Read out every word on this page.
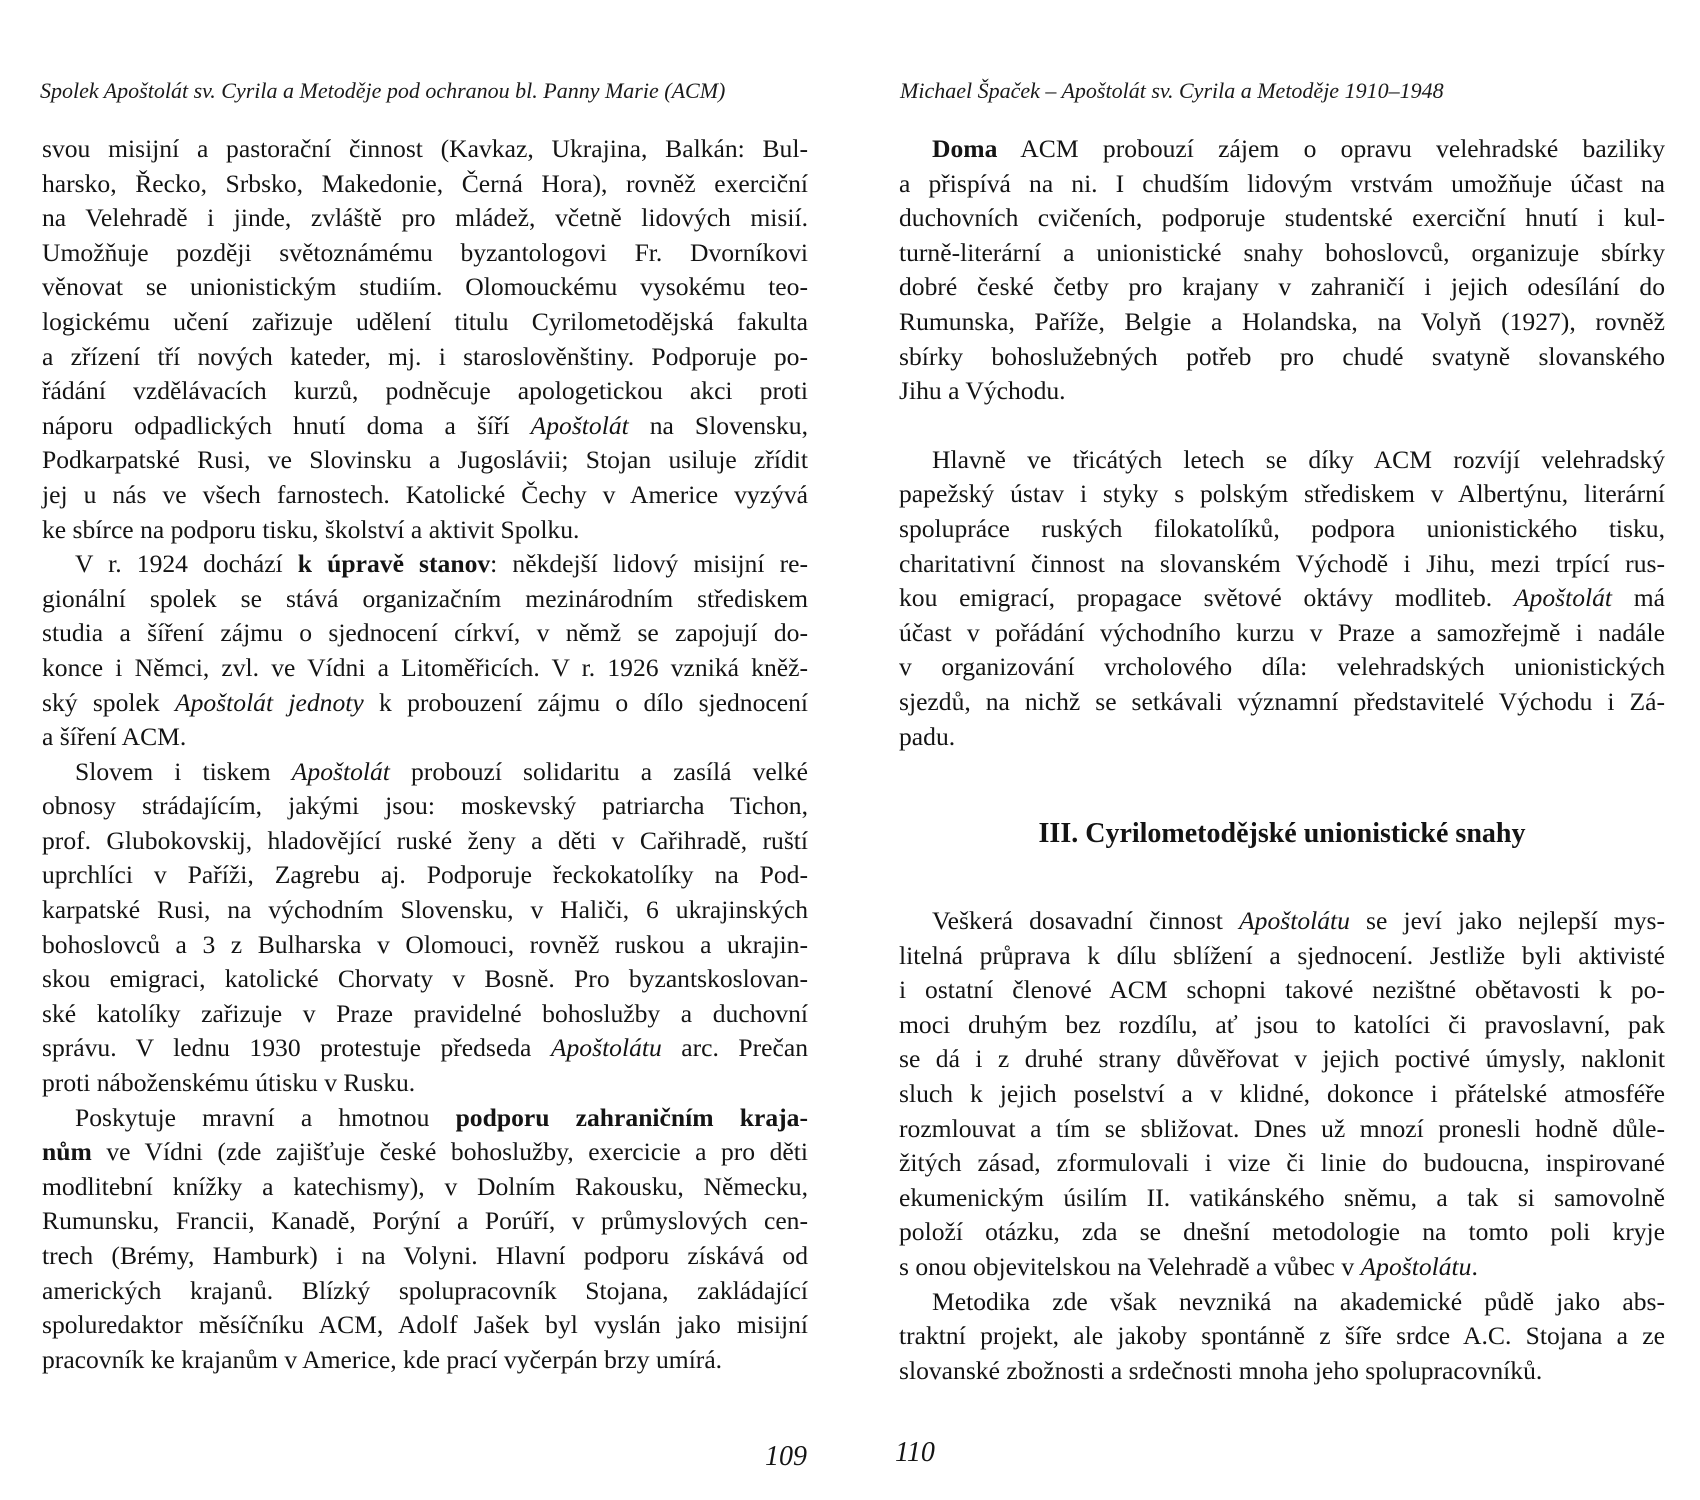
Spolek Apoštolát sv. Cyrila a Metoděje pod ochranou bl. Panny Marie (ACM)

svou misijní a pastorační činnost (Kavkaz, Ukrajina, Balkán: Bul-
harsko, Řecko, Srbsko, Makedonie, Černá Hora), rovněž exerciční
na Velehradě i jinde, zvláště pro mládež, včetně lidových misií.
Umožňuje později světoznámému byzantologovi Fr. Dvorníkovi
věnovat se unionistickým studiím. Olomouckému vysokému teo-
logickému učení zařizuje udělení titulu Cyrilometodějská fakulta
a zřízení tří nových kateder, mj. i staroslověnštiny. Podporuje po-
řádání vzdělávacích kurzů, podněcuje apologetickou akci proti
náporu odpadlických hnutí doma a šíří Apoštolát na Slovensku,
Podkarpatské Rusi, ve Slovinsku a Jugoslávii; Stojan usiluje zřídit
jej u nás ve všech farnostech. Katolické Čechy v Americe vyzývá
ke sbírce na podporu tisku, školství a aktivit Spolku.

V r. 1924 dochází k úpravě stanov: někdejší lidový misijní re-
gionální spolek se stává organizačním mezinárodním střediskem
studia a šíření zájmu o sjednocení církví, v němž se zapojují do-
konce i Němci, zvl. ve Vídni a Litoměřicích. V r. 1926 vzniká kněž-
ský spolek Apoštolát jednoty k probouzení zájmu o dílo sjednocení
a šíření ACM.

Slovem i tiskem Apoštolát probouzí solidaritu a zasílá velké
obnosy strádajícím, jakými jsou: moskevský patriarcha Tichon,
prof. Glubokovskij, hladovějící ruské ženy a děti v Cařihradě, ruští
uprchlíci v Paříži, Zagrebu aj. Podporuje řeckokatolíky na Pod-
karpatské Rusi, na východním Slovensku, v Haliči, 6 ukrajinských
bohoslovců a 3 z Bulharska v Olomouci, rovněž ruskou a ukrajin-
skou emigraci, katolické Chorvaty v Bosně. Pro byzantskoslovan-
ské katolíky zařizuje v Praze pravidelné bohoslužby a duchovní
správu. V lednu 1930 protestuje předseda Apoštolátu arc. Prečan
proti náboženskému útisku v Rusku.

Poskytuje mravní a hmotnou podporu zahraničním kraja-
nům ve Vídni (zde zajišťuje české bohoslužby, exercicie a pro děti
modlitební knížky a katechismy), v Dolním Rakousku, Německu,
Rumunsku, Francii, Kanadě, Porýní a Porúří, v průmyslových cen-
trech (Brémy, Hamburk) i na Volyni. Hlavní podporu získává od
amerických krajanů. Blízký spolupracovník Stojana, zakládající
spoluredaktor měsíčníku ACM, Adolf Jašek byl vyslán jako misijní
pracovník ke krajanům v Americe, kde prací vyčerpán brzy umírá.

109
Michael Špaček – Apoštolát sv. Cyrila a Metoděje 1910–1948

Doma ACM probouzí zájem o opravu velehradské baziliky
a přispívá na ni. I chudším lidovým vrstvám umožňuje účast na
duchovních cvičeních, podporuje studentské exerciční hnutí i kul-
turně-literární a unionistické snahy bohoslovců, organizuje sbírky
dobré české četby pro krajany v zahraničí i jejich odesílání do
Rumunska, Paříže, Belgie a Holandska, na Volyň (1927), rovněž
sbírky bohoslužebných potřeb pro chudé svatyně slovanského
Jihu a Východu.

Hlavně ve třicátých letech se díky ACM rozvíjí velehradský
papežský ústav i styky s polským střediskem v Albertýnu, literární
spolupráce ruských filokatolíků, podpora unionistického tisku,
charitativní činnost na slovanském Východě i Jihu, mezi trpící rus-
kou emigrací, propagace světové oktávy modliteb. Apoštolát má
účast v pořádání východního kurzu v Praze a samozřejmě i nadále
v organizování vrcholového díla: velehradských unionistických
sjezdů, na nichž se setkávali významní představitelé Východu i Zá-
padu.

III. Cyrilometodějské unionistické snahy

Veškerá dosavadní činnost Apoštolátu se jeví jako nejlepší mys-
litelná průprava k dílu sblížení a sjednocení. Jestliže byli aktivisté
i ostatní členové ACM schopni takové nezištné obětavosti k po-
moci druhým bez rozdílu, ať jsou to katolíci či pravoslavní, pak
se dá i z druhé strany důvěřovat v jejich poctivé úmysly, naklonit
sluch k jejich poselství a v klidné, dokonce i přátelské atmosféře
rozmlouvat a tím se sbližovat. Dnes už mnozí pronesli hodně důle-
žitých zásad, zformulovali i vize či linie do budoucna, inspirované
ekumenickým úsilím II. vatikánského sněmu, a tak si samovolně
položí otázku, zda se dnešní metodologie na tomto poli kryje
s onou objevitelskou na Velehradě a vůbec v Apoštolátu.

Metodika zde však nevzniká na akademické půdě jako abs-
traktní projekt, ale jakoby spontánně z šíře srdce A.C. Stojana a ze
slovanské zbožnosti a srdečnosti mnoha jeho spolupracovníků.

110
